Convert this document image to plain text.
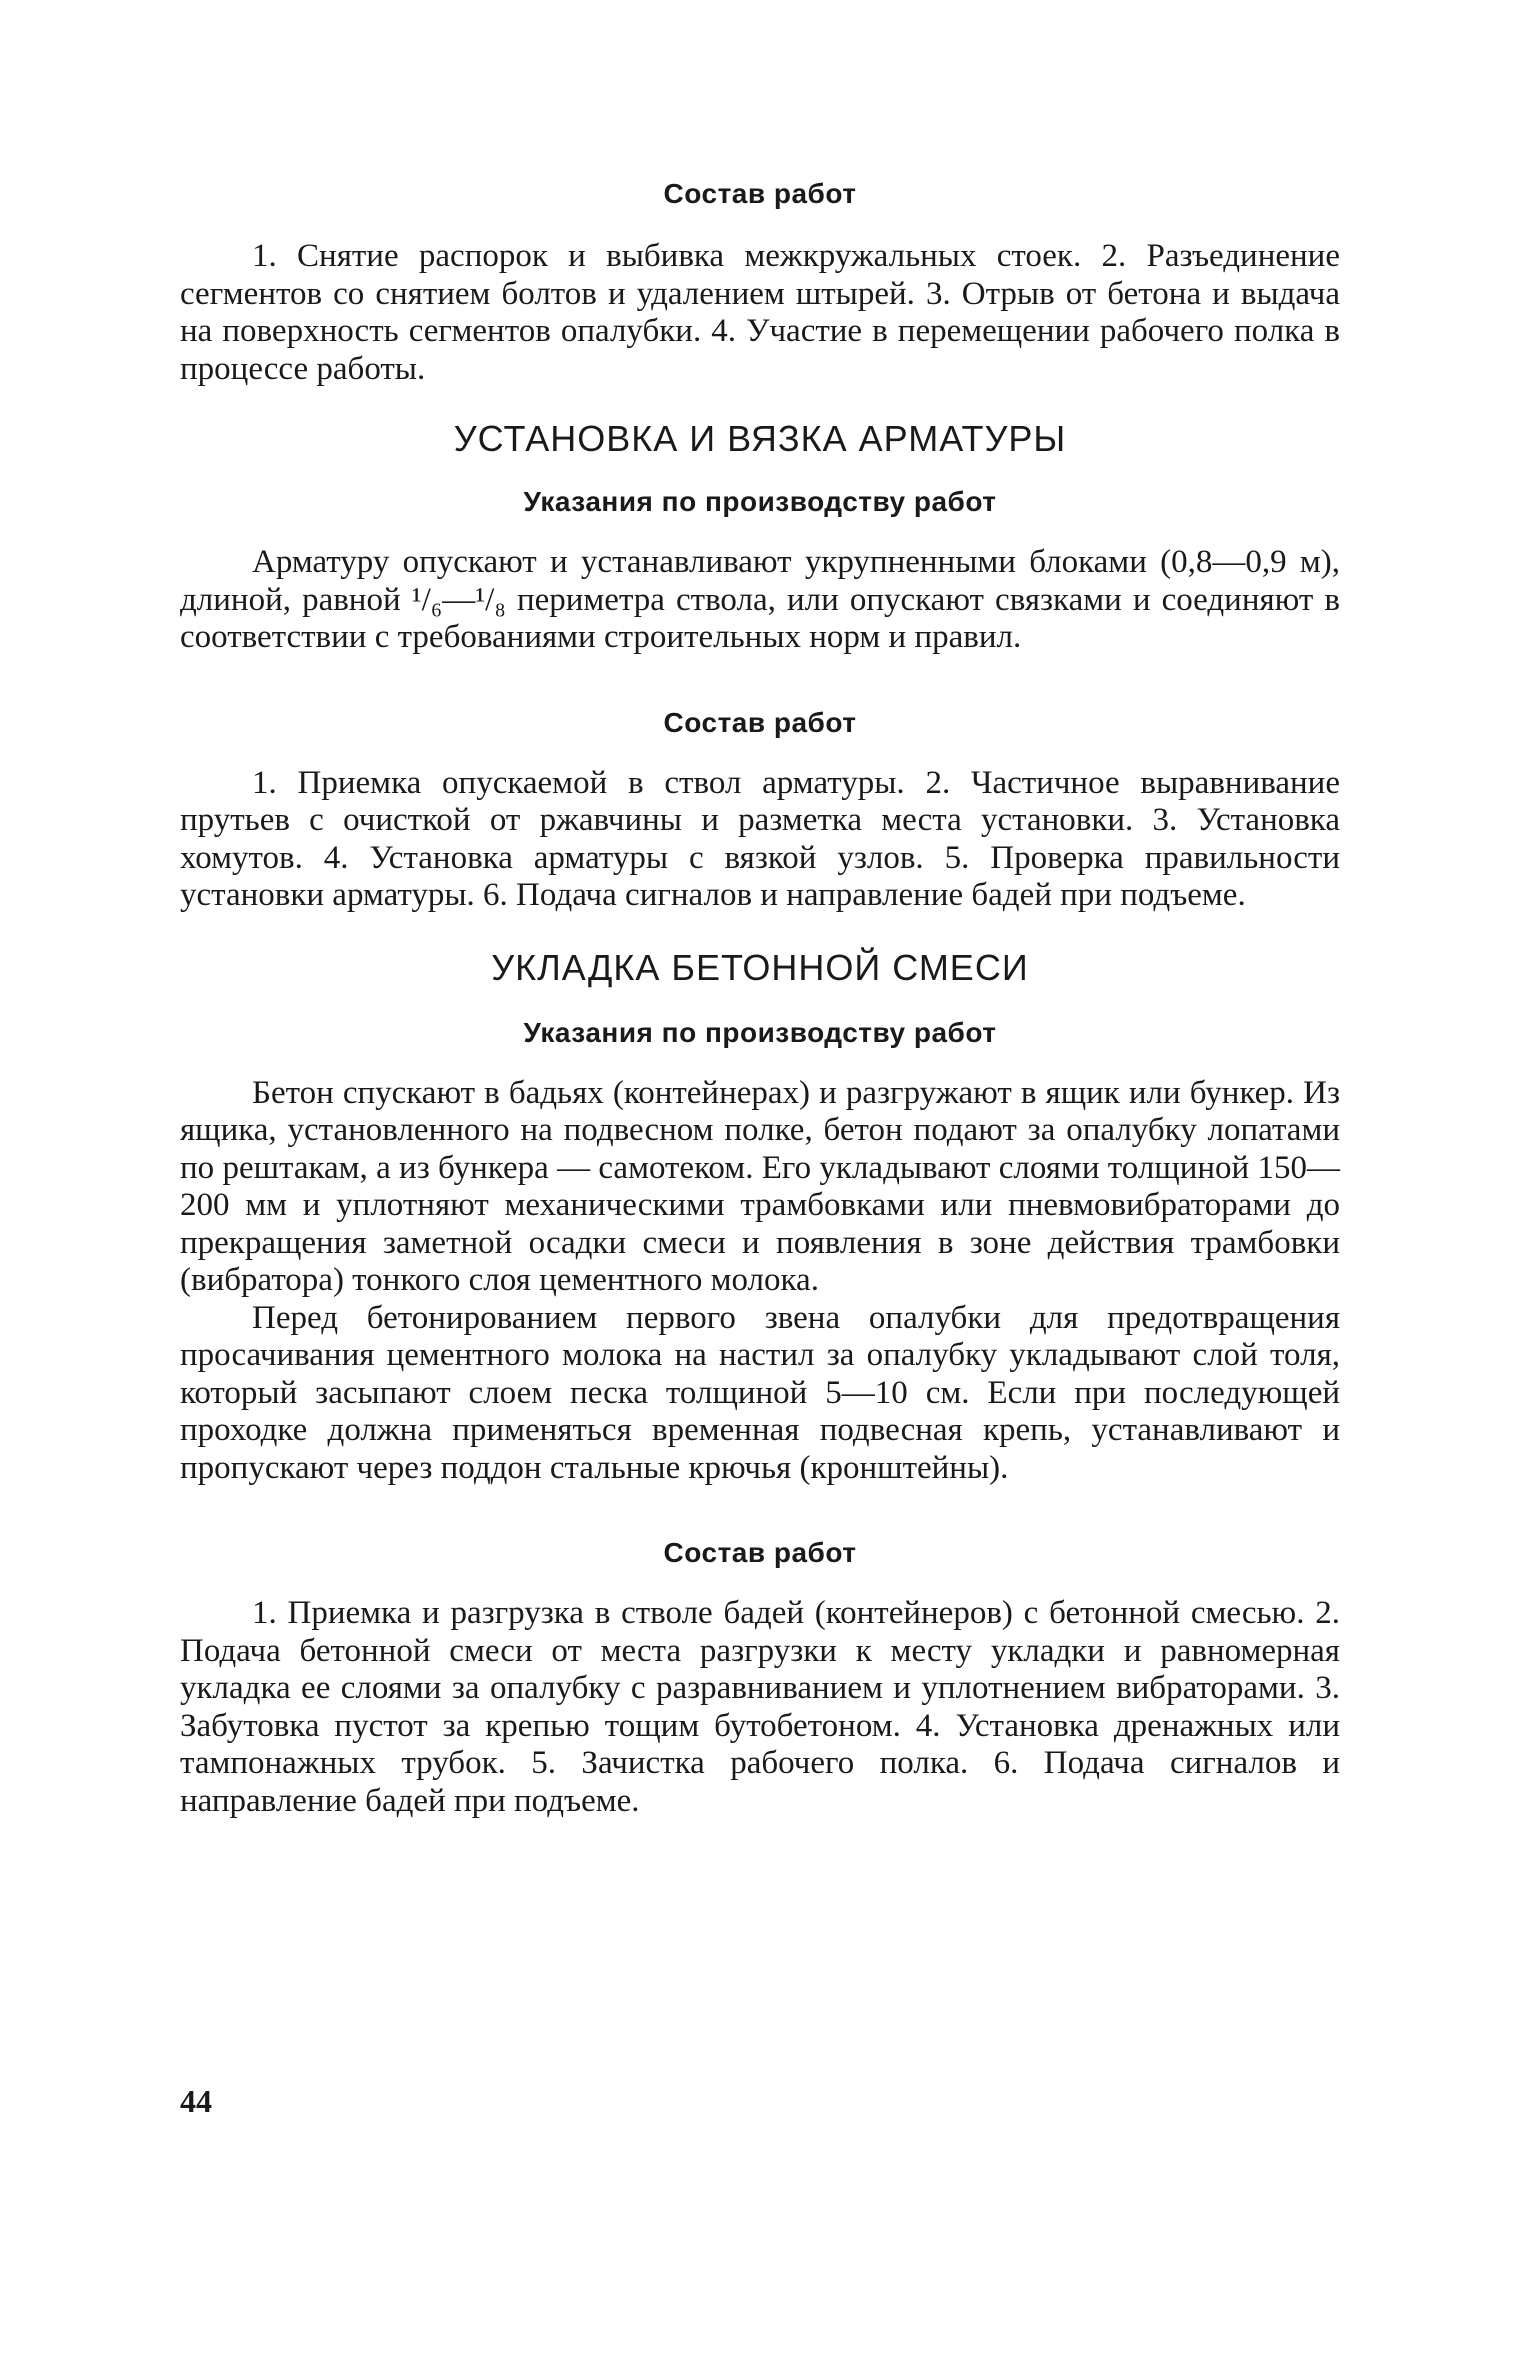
Состав работ

1. Снятие распорок и выбивка межкружальных стоек. 2. Разъединение сегментов со снятием болтов и удалением штырей. 3. Отрыв от бетона и выдача на поверхность сегментов опалубки. 4. Участие в перемещении рабочего полка в процессе работы.

УСТАНОВКА И ВЯЗКА АРМАТУРЫ

Указания по производству работ

Арматуру опускают и устанавливают укрупненными блоками (0,8—0,9 м), длиной, равной ¹/₆—¹/₈ периметра ствола, или опускают связками и соединяют в соответствии с требованиями строительных норм и правил.

Состав работ

1. Приемка опускаемой в ствол арматуры. 2. Частичное выравнивание прутьев с очисткой от ржавчины и разметка места установки. 3. Установка хомутов. 4. Установка арматуры с вязкой узлов. 5. Проверка правильности установки арматуры. 6. Подача сигналов и направление бадей при подъеме.

УКЛАДКА БЕТОННОЙ СМЕСИ

Указания по производству работ

Бетон спускают в бадьях (контейнерах) и разгружают в ящик или бункер. Из ящика, установленного на подвесном полке, бетон подают за опалубку лопатами по рештакам, а из бункера — самотеком. Его укладывают слоями толщиной 150—200 мм и уплотняют механическими трамбовками или пневмовибраторами до прекращения заметной осадки смеси и появления в зоне действия трамбовки (вибратора) тонкого слоя цементного молока.

Перед бетонированием первого звена опалубки для предотвращения просачивания цементного молока на настил за опалубку укладывают слой толя, который засыпают слоем песка толщиной 5—10 см. Если при последующей проходке должна применяться временная подвесная крепь, устанавливают и пропускают через поддон стальные крючья (кронштейны).

Состав работ

1. Приемка и разгрузка в стволе бадей (контейнеров) с бетонной смесью. 2. Подача бетонной смеси от места разгрузки к месту укладки и равномерная укладка ее слоями за опалубку с разравниванием и уплотнением вибраторами. 3. Забутовка пустот за крепью тощим бутобетоном. 4. Установка дренажных или тампонажных трубок. 5. Зачистка рабочего полка. 6. Подача сигналов и направление бадей при подъеме.

44
